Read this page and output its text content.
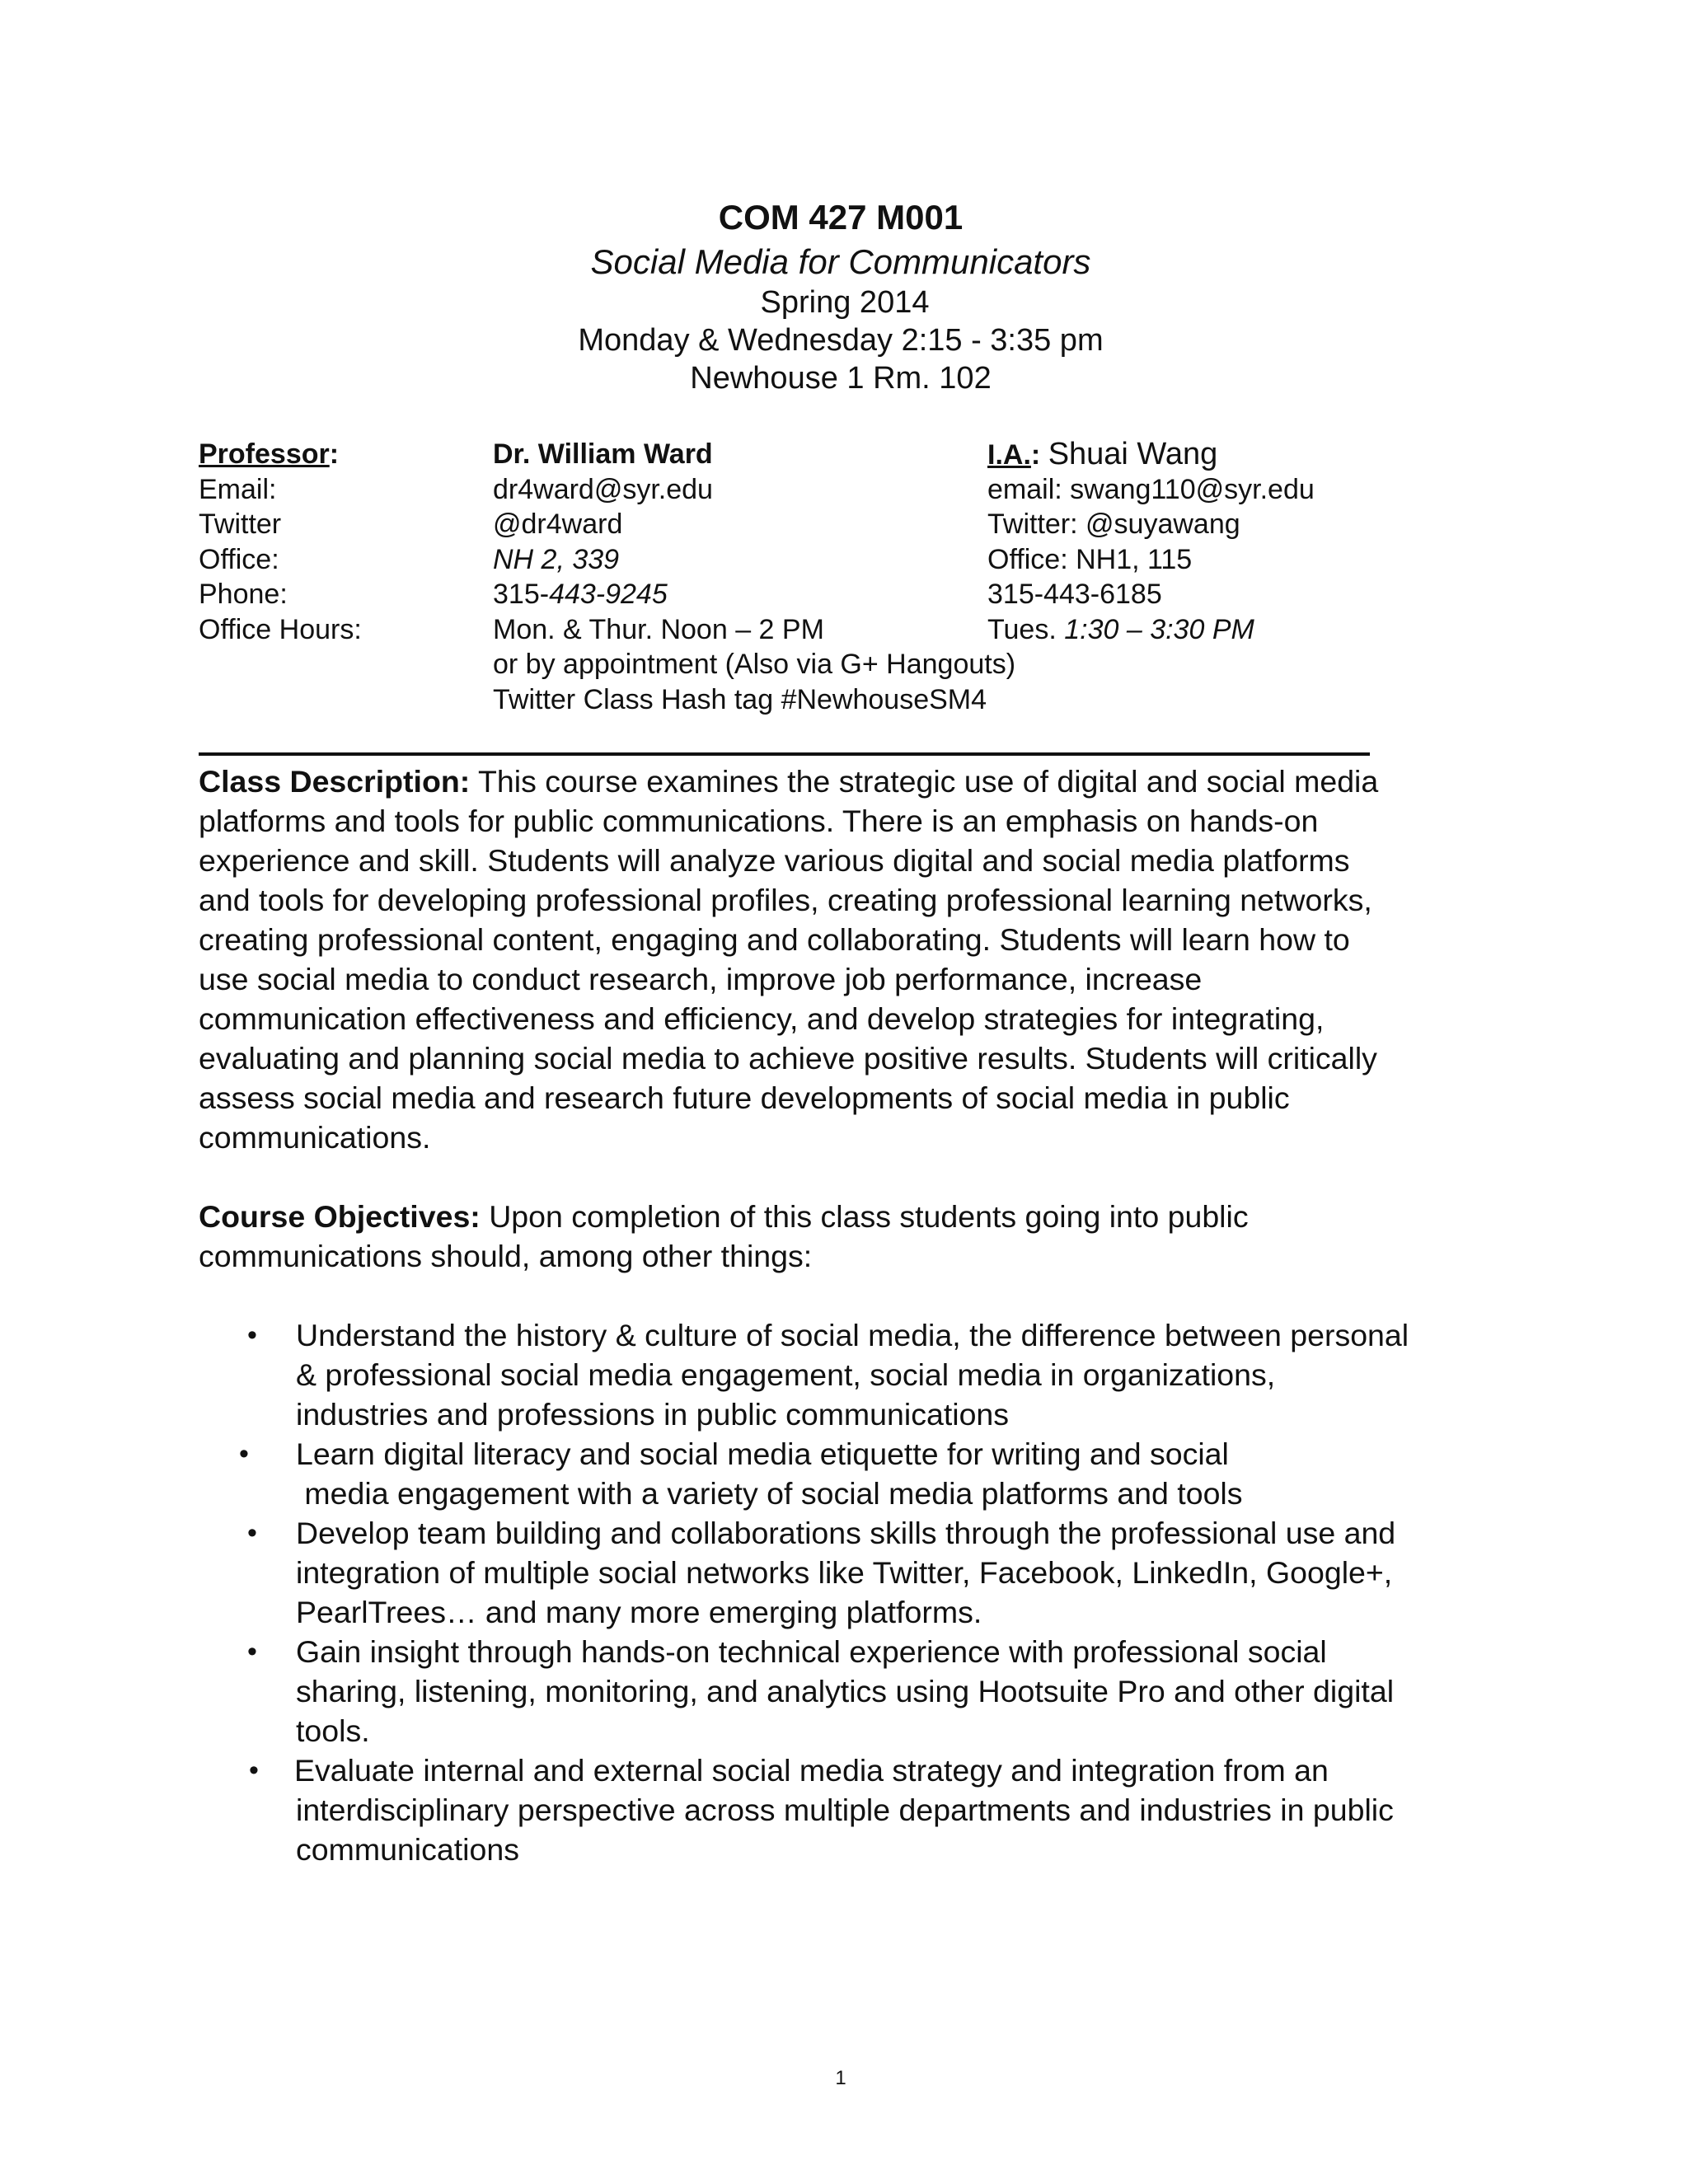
COM 427 M001
Social Media for Communicators
Spring 2014
Monday & Wednesday 2:15 - 3:35 pm
Newhouse 1 Rm. 102
Professor:	Dr. William Ward	I.A.: Shuai Wang
Email:	dr4ward@syr.edu	email: swang110@syr.edu
Twitter	@dr4ward	Twitter: @suyawang
Office:	NH 2, 339	Office: NH1, 115
Phone:	315-443-9245	315-443-6185
Office Hours:	Mon. & Thur. Noon – 2 PM	Tues. 1:30 – 3:30 PM
or by appointment (Also via G+ Hangouts)
Twitter Class Hash tag #NewhouseSM4
Class Description: This course examines the strategic use of digital and social media
platforms and tools for public communications. There is an emphasis on hands-on
experience and skill. Students will analyze various digital and social media platforms
and tools for developing professional profiles, creating professional learning networks,
creating professional content, engaging and collaborating. Students will learn how to
use social media to conduct research, improve job performance, increase
communication effectiveness and efficiency, and develop strategies for integrating,
evaluating and planning social media to achieve positive results. Students will critically
assess social media and research future developments of social media in public
communications.
Course Objectives: Upon completion of this class students going into public
communications should, among other things:
• Understand the history & culture of social media, the difference between personal
& professional social media engagement, social media in organizations,
industries and professions in public communications
• Learn digital literacy and social media etiquette for writing and social
media engagement with a variety of social media platforms and tools
• Develop team building and collaborations skills through the professional use and
integration of multiple social networks like Twitter, Facebook, LinkedIn, Google+,
PearlTrees… and many more emerging platforms.
• Gain insight through hands-on technical experience with professional social
sharing, listening, monitoring, and analytics using Hootsuite Pro and other digital
tools.
• Evaluate internal and external social media strategy and integration from an
interdisciplinary perspective across multiple departments and industries in public
communications
1
